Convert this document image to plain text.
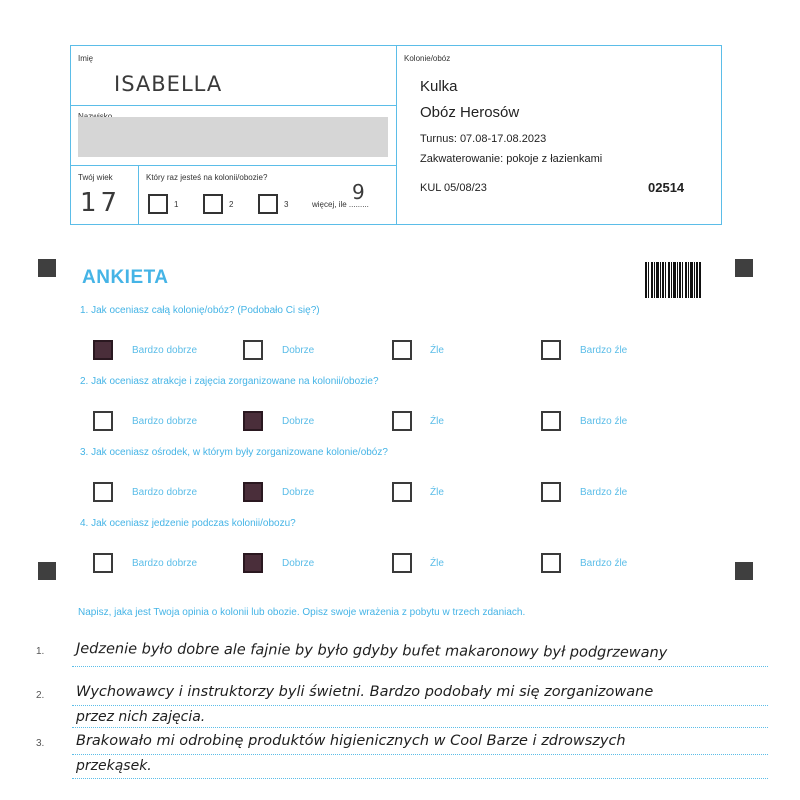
Imię
ISABELLA
Twój wiek
17
Który raz jesteś na kolonii/obozie?
1	2	3	więcej, ile .........
9
Kolonie/obóz
Kulka
Obóz Herosów
Turnus: 07.08-17.08.2023
Zakwaterowanie: pokoje z łazienkami
KUL 05/08/23	02514
ANKIETA
1. Jak oceniasz całą kolonię/obóz? (Podobało Ci się?)
Bardzo dobrze	Dobrze	Źle	Bardzo źle
2. Jak oceniasz atrakcje i zajęcia zorganizowane na kolonii/obozie?
Bardzo dobrze	Dobrze	Źle	Bardzo źle
3. Jak oceniasz ośrodek, w którym były zorganizowane kolonie/obóz?
Bardzo dobrze	Dobrze	Źle	Bardzo źle
4. Jak oceniasz jedzenie podczas kolonii/obozu?
Bardzo dobrze	Dobrze	Źle	Bardzo źle
Napisz, jaka jest Twoja opinia o kolonii lub obozie. Opisz swoje wrażenia z pobytu w trzech zdaniach.
1.
2.
3.
Jedzenie było dobre ale fajnie by było gdyby bufet makaronowy był podgrzewany
Wychowawcy i instruktorzy byli świetni. Bardzo podobały mi się zorganizowane
przez nich zajęcia.
Brakowało mi odrobinę produktów higienicznych w Cool Barze i zdrowszych
przekąsek.
